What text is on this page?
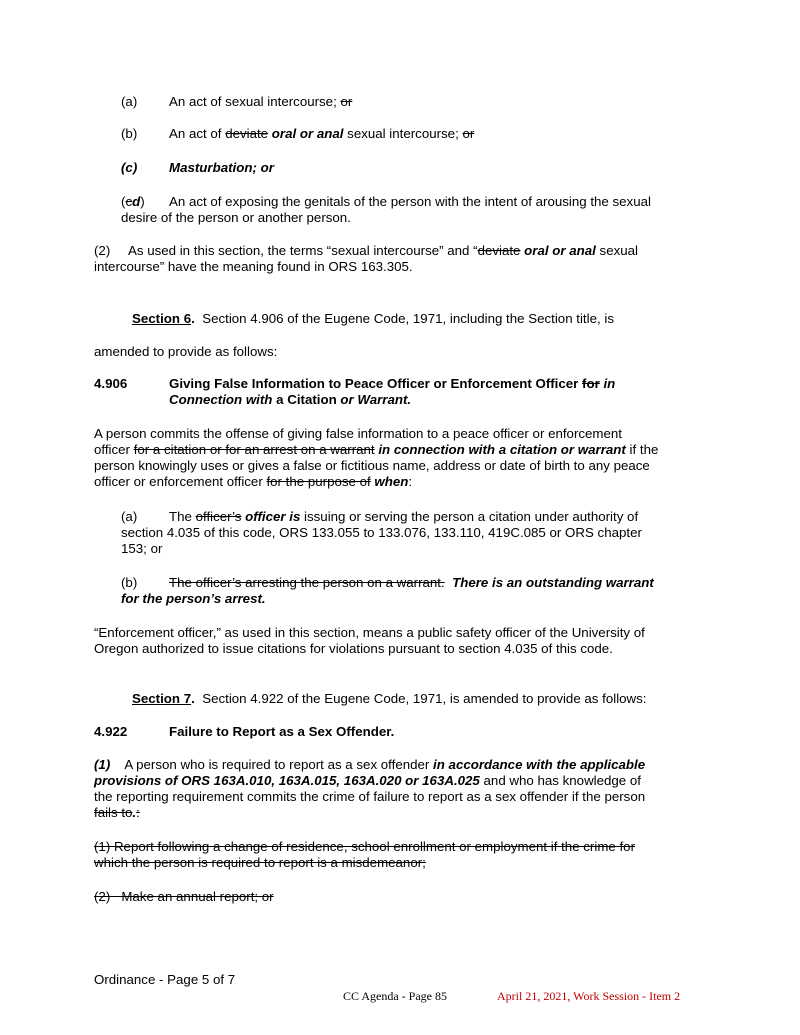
(a) An act of sexual intercourse; or
(b) An act of deviate oral or anal sexual intercourse; or
(c) Masturbation; or
(cd) An act of exposing the genitals of the person with the intent of arousing the sexual
desire of the person or another person.
(2)     As used in this section, the terms “sexual intercourse” and “deviate oral or anal sexual
intercourse” have the meaning found in ORS 163.305.
Section 6. Section 4.906 of the Eugene Code, 1971, including the Section title, is
amended to provide as follows:
4.906	Giving False Information to Peace Officer or Enforcement Officer for in
Connection with a Citation or Warrant.
A person commits the offense of giving false information to a peace officer or enforcement
officer for a citation or for an arrest on a warrant in connection with a citation or warrant if the
person knowingly uses or gives a false or fictitious name, address or date of birth to any peace
officer or enforcement officer for the purpose of when:
(a) The officer’s officer is issuing or serving the person a citation under authority of
section 4.035 of this code, ORS 133.055 to 133.076, 133.110, 419C.085 or ORS chapter
153; or
(b) The officer’s arresting the person on a warrant. There is an outstanding warrant
for the person’s arrest.
“Enforcement officer,” as used in this section, means a public safety officer of the University of
Oregon authorized to issue citations for violations pursuant to section 4.035 of this code.
Section 7. Section 4.922 of the Eugene Code, 1971, is amended to provide as follows:
4.922	Failure to Report as a Sex Offender.
(1) A person who is required to report as a sex offender in accordance with the applicable
provisions of ORS 163A.010, 163A.015, 163A.020 or 163A.025 and who has knowledge of
the reporting requirement commits the crime of failure to report as a sex offender if the person
fails to.:
(1) Report following a change of residence, school enrollment or employment if the crime for
which the person is required to report is a misdemeanor;
(2)   Make an annual report; or
Ordinance - Page 5 of 7
CC Agenda - Page 85	April 21, 2021, Work Session - Item 2
